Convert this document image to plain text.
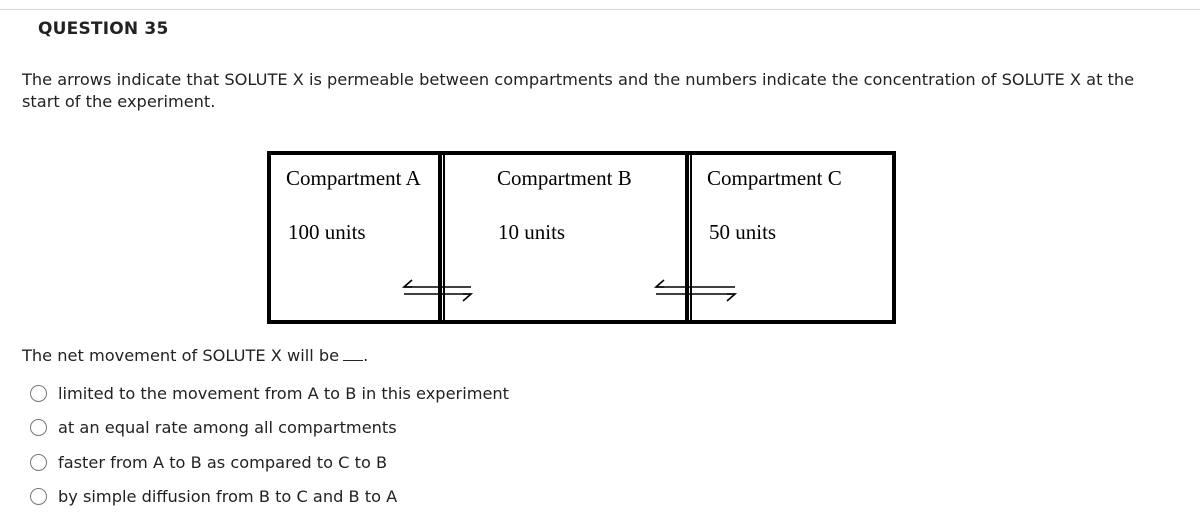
QUESTION 35
The arrows indicate that SOLUTE X is permeable between compartments and the numbers indicate the concentration of SOLUTE X at the start of the experiment.
Compartment A	Compartment B	Compartment C
100 units	10 units	50 units
The net movement of SOLUTE X will be .
limited to the movement from A to B in this experiment
at an equal rate among all compartments
faster from A to B as compared to C to B
by simple diffusion from B to C and B to A
